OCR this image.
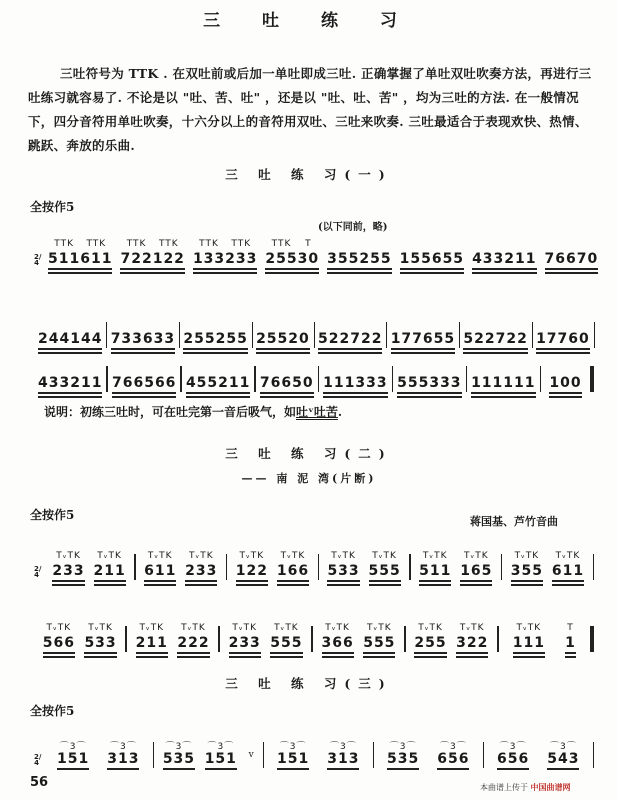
三 吐 练 习
三吐符号为 TTK . 在双吐前或后加一单吐即成三吐. 正确掌握了单吐双吐吹奏方法，再进行三吐练习就容易了. 不论是以 "吐、苦、吐" ，还是以 "吐、吐、苦" ，均为三吐的方法. 在一般情况下，四分音符用单吐吹奏，十六分以上的音符用双吐、三吐来吹奏. 三吐最适合于表现欢快、热情、跳跃、奔放的乐曲.
三 吐 练 习(一)
全按作5
(以下同前，略)
2/4
TTK
511
TTK
611
TTK
722
TTK
122
TTK
133
TTK
233
TTK
255
T
30 355 255 155 655 433 211 766 70
244 144 733 633 255 255 255 20 522 722 177 655 522 722 177 60
433 211 766 566 455 211 766 50 111 333 555 333 111 111 100
说明：初练三吐时，可在吐完第一音后吸气，如吐ᵛ吐苦.
三 吐 练 习(二)
—— 南 泥 湾(片断)
全按作5	蒋国基、芦竹音曲
2/4
TᵥTK
233
TᵥTK
211
TᵥTK
611
TᵥTK
233
TᵥTK
122
TᵥTK
166
TᵥTK
533
TᵥTK
555
TᵥTK
511
TᵥTK
165
TᵥTK
355
TᵥTK
611
TᵥTK
566
TᵥTK
533
TᵥTK
211
TᵥTK
222
TᵥTK
233
TᵥTK
555
TᵥTK
366
TᵥTK
555
TᵥTK
255
TᵥTK
322
TᵥTK
111
T
1
三 吐 练 习(三)
全按作5
2/4
⌒3⌒
151
⌒3⌒
313
⌒3⌒
535
⌒3⌒
151 v
⌒3⌒
151
⌒3⌒
313
⌒3⌒
535
⌒3⌒
656
⌒3⌒
656
⌒3⌒
543
56	本曲谱上传于 中国曲谱网
